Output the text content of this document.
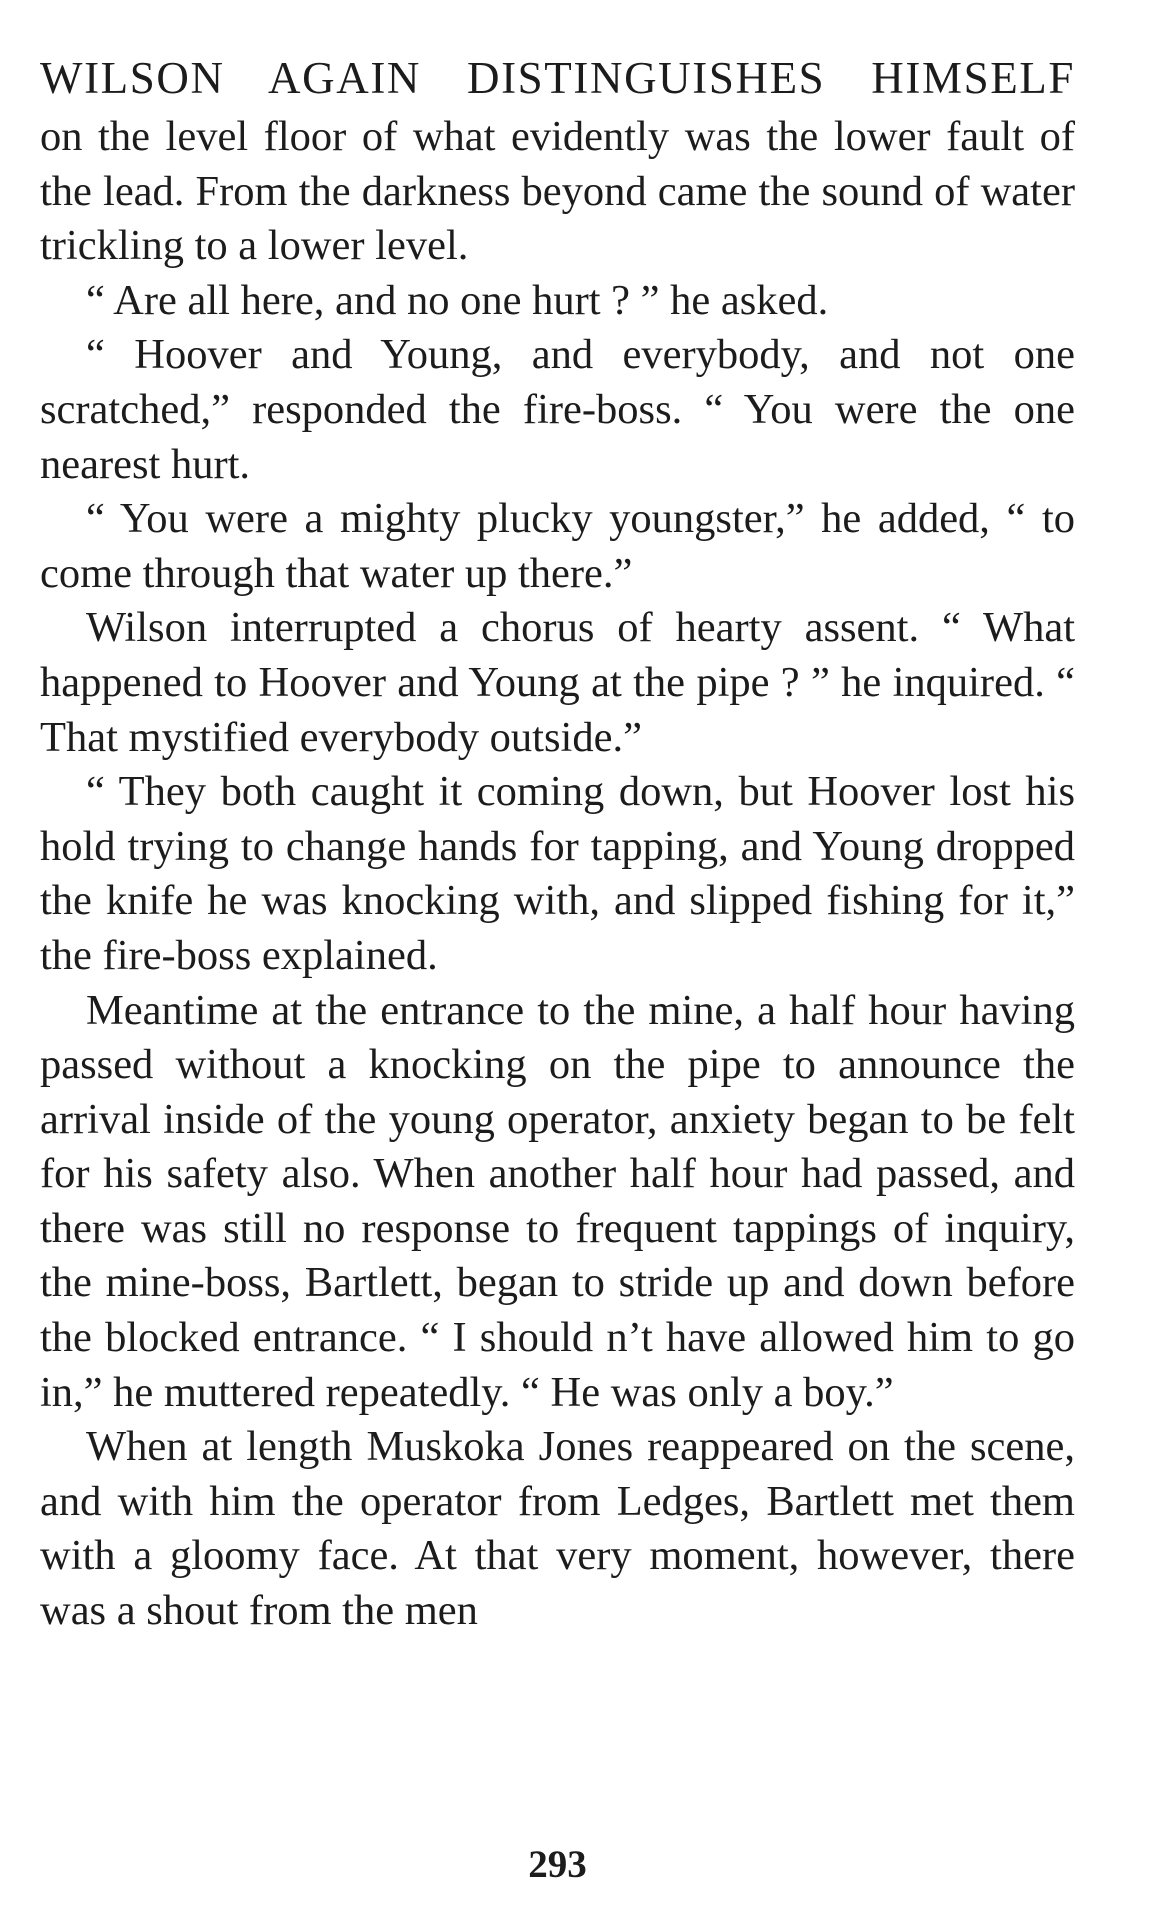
WILSON AGAIN DISTINGUISHES HIMSELF

on the level floor of what evidently was the lower fault of the lead. From the darkness beyond came the sound of water trickling to a lower level.

“ Are all here, and no one hurt ? ” he asked.

“ Hoover and Young, and everybody, and not one scratched,” responded the fire-boss. “ You were the one nearest hurt.

“ You were a mighty plucky youngster,” he added, “ to come through that water up there.”

Wilson interrupted a chorus of hearty assent. “ What happened to Hoover and Young at the pipe ? ” he inquired. “ That mystified everybody outside.”

“ They both caught it coming down, but Hoover lost his hold trying to change hands for tapping, and Young dropped the knife he was knocking with, and slipped fishing for it,” the fire-boss explained.

Meantime at the entrance to the mine, a half hour having passed without a knocking on the pipe to announce the arrival inside of the young operator, anxiety began to be felt for his safety also. When another half hour had passed, and there was still no response to frequent tappings of inquiry, the mine-boss, Bartlett, began to stride up and down before the blocked entrance. “ I should n’t have allowed him to go in,” he muttered repeatedly. “ He was only a boy.”

When at length Muskoka Jones reappeared on the scene, and with him the operator from Ledges, Bartlett met them with a gloomy face. At that very moment, however, there was a shout from the men

293
